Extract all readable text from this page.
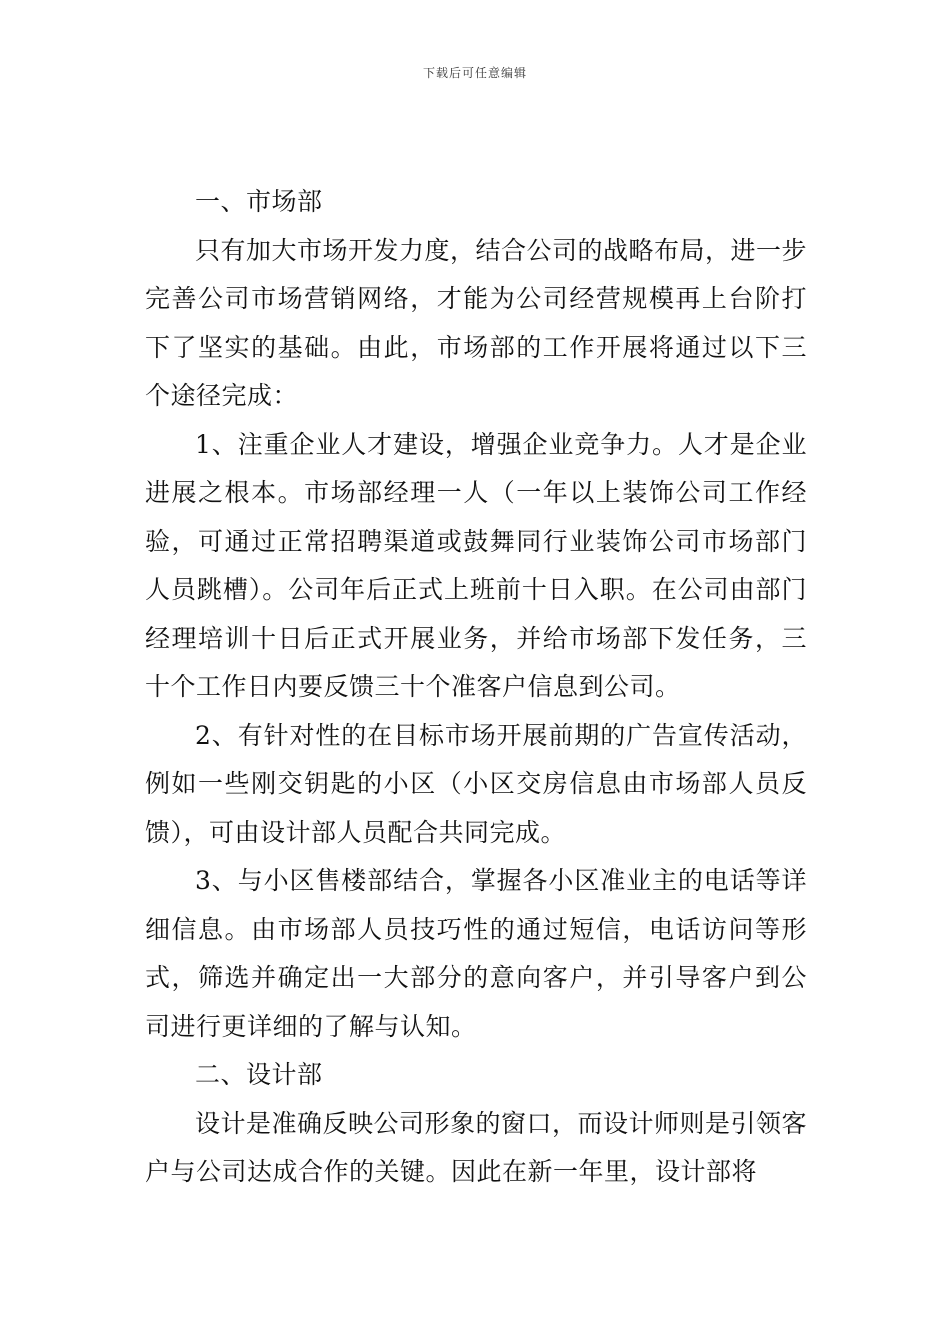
下载后可任意编辑

一、市场部

只有加大市场开发力度，结合公司的战略布局，进一步完善公司市场营销网络，才能为公司经营规模再上台阶打下了坚实的基础。由此，市场部的工作开展将通过以下三个途径完成：

1、注重企业人才建设，增强企业竞争力。人才是企业进展之根本。市场部经理一人（一年以上装饰公司工作经验，可通过正常招聘渠道或鼓舞同行业装饰公司市场部门人员跳槽）。公司年后正式上班前十日入职。在公司由部门经理培训十日后正式开展业务，并给市场部下发任务，三十个工作日内要反馈三十个准客户信息到公司。

2、有针对性的在目标市场开展前期的广告宣传活动，例如一些刚交钥匙的小区（小区交房信息由市场部人员反馈），可由设计部人员配合共同完成。

3、与小区售楼部结合，掌握各小区准业主的电话等详细信息。由市场部人员技巧性的通过短信，电话访问等形式，筛选并确定出一大部分的意向客户，并引导客户到公司进行更详细的了解与认知。

二、设计部

设计是准确反映公司形象的窗口，而设计师则是引领客户与公司达成合作的关键。因此在新一年里，设计部将
